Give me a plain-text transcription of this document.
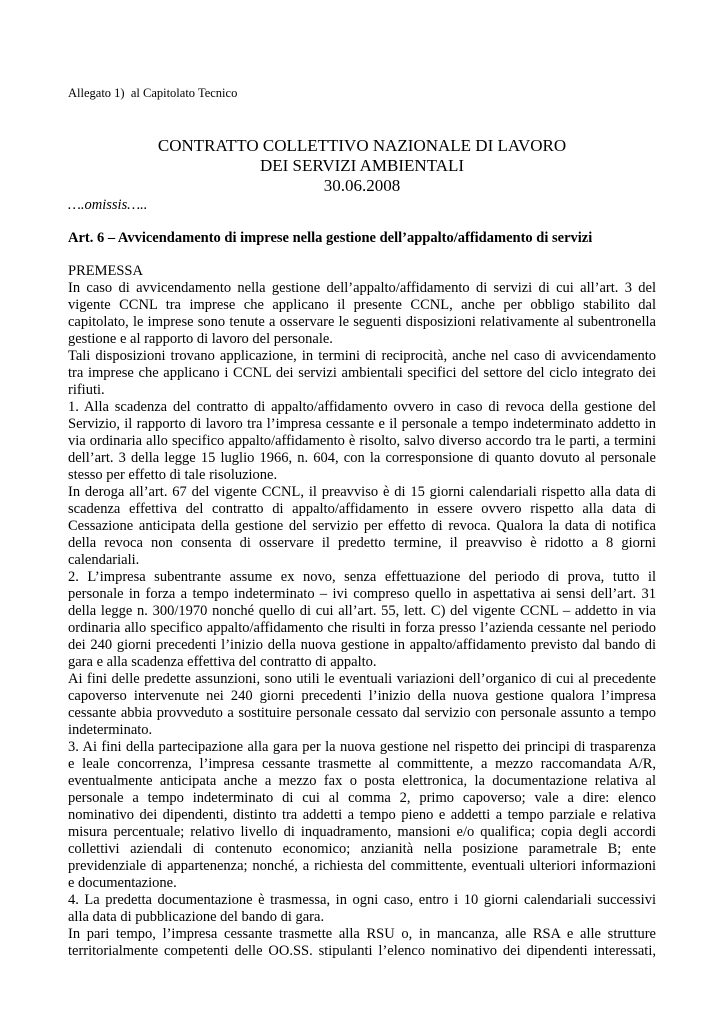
Allegato 1)  al Capitolato Tecnico
CONTRATTO COLLETTIVO NAZIONALE DI LAVORO
DEI SERVIZI AMBIENTALI
30.06.2008
….omissis…..
Art. 6 – Avvicendamento di imprese nella gestione dell’appalto/affidamento di servizi
PREMESSA
In caso di avvicendamento nella gestione dell’appalto/affidamento di servizi di cui all’art. 3 del
vigente CCNL tra imprese che applicano il presente CCNL, anche per obbligo stabilito dal
capitolato, le imprese sono tenute a osservare le seguenti disposizioni relativamente al subentronella
gestione e al rapporto di lavoro del personale.
Tali disposizioni trovano applicazione, in termini di reciprocità, anche nel caso di avvicendamento
tra imprese che applicano i CCNL dei servizi ambientali specifici del settore del ciclo integrato dei
rifiuti.
1. Alla scadenza del contratto di appalto/affidamento ovvero in caso di revoca della gestione del
Servizio, il rapporto di lavoro tra l’impresa cessante e il personale a tempo indeterminato addetto in
via ordinaria allo specifico appalto/affidamento è risolto, salvo diverso accordo tra le parti, a termini
dell’art. 3 della legge 15 luglio 1966, n. 604, con la corresponsione di quanto dovuto al personale
stesso per effetto di tale risoluzione.
In deroga all’art. 67 del vigente CCNL, il preavviso è di 15 giorni calendariali rispetto alla data di
scadenza effettiva del contratto di appalto/affidamento in essere ovvero rispetto alla data di
Cessazione anticipata della gestione del servizio per effetto di revoca. Qualora la data di notifica
della revoca non consenta di osservare il predetto termine, il preavviso è ridotto a 8 giorni
calendariali.
2. L’impresa subentrante assume ex novo, senza effettuazione del periodo di prova, tutto il
personale in forza a tempo indeterminato – ivi compreso quello in aspettativa ai sensi dell’art. 31
della legge n. 300/1970 nonché quello di cui all’art. 55, lett. C) del vigente CCNL – addetto in via
ordinaria allo specifico appalto/affidamento che risulti in forza presso l’azienda cessante nel periodo
dei 240 giorni precedenti l’inizio della nuova gestione in appalto/affidamento previsto dal bando di
gara e alla scadenza effettiva del contratto di appalto.
Ai fini delle predette assunzioni, sono utili le eventuali variazioni dell’organico di cui al precedente
capoverso intervenute nei 240 giorni precedenti l’inizio della nuova gestione qualora l’impresa
cessante abbia provveduto a sostituire personale cessato dal servizio con personale assunto a tempo
indeterminato.
3. Ai fini della partecipazione alla gara per la nuova gestione nel rispetto dei principi di trasparenza
e leale concorrenza, l’impresa cessante trasmette al committente, a mezzo raccomandata A/R,
eventualmente anticipata anche a mezzo fax o posta elettronica, la documentazione relativa al
personale a tempo indeterminato di cui al comma 2, primo capoverso; vale a dire: elenco
nominativo dei dipendenti, distinto tra addetti a tempo pieno e addetti a tempo parziale e relativa
misura percentuale; relativo livello di inquadramento, mansioni e/o qualifica; copia degli accordi
collettivi aziendali di contenuto economico; anzianità nella posizione parametrale B; ente
previdenziale di appartenenza; nonché, a richiesta del committente, eventuali ulteriori informazioni
e documentazione.
4. La predetta documentazione è trasmessa, in ogni caso, entro i 10 giorni calendariali successivi
alla data di pubblicazione del bando di gara.
In pari tempo, l’impresa cessante trasmette alla RSU o, in mancanza, alle RSA e alle strutture
territorialmente competenti delle OO.SS. stipulanti l’elenco nominativo dei dipendenti interessati,
